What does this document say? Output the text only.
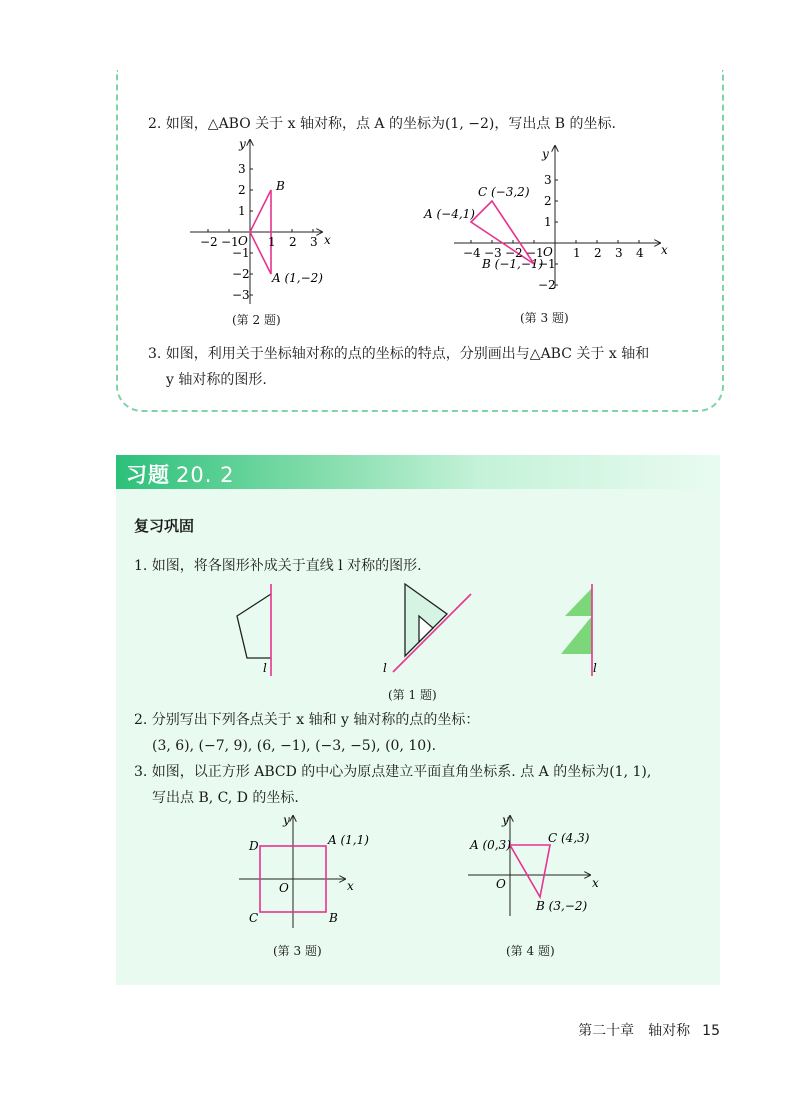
2. 如图，△ABO 关于 x 轴对称，点 A 的坐标为(1, −2)，写出点 B 的坐标.
x
y
O
−2 −1 1 2 3
3
2
1
−1
−2
−3
B
A (1,−2)
(第 2 题)
x
y
O
−4 −3 −2 −1 1 2 3 4
3
2
1
−1
−2
C (−3,2)
A (−4,1)
B (−1,−1)
(第 3 题)
3. 如图，利用关于坐标轴对称的点的坐标的特点，分别画出与△ABC 关于 x 轴和
y 轴对称的图形.
习题 20. 2
复习巩固
1. 如图，将各图形补成关于直线 l 对称的图形.
l	l	l
(第 1 题)
2. 分别写出下列各点关于 x 轴和 y 轴对称的点的坐标：
(3, 6), (−7, 9), (6, −1), (−3, −5), (0, 10).
3. 如图，以正方形 ABCD 的中心为原点建立平面直角坐标系. 点 A 的坐标为(1, 1),
写出点 B, C, D 的坐标.
x
y
O
D	A (1,1)
C	B
(第 3 题)
x
y
O
A (0,3)	C (4,3)
B (3,−2)
(第 4 题)
第二十章　轴对称 15
